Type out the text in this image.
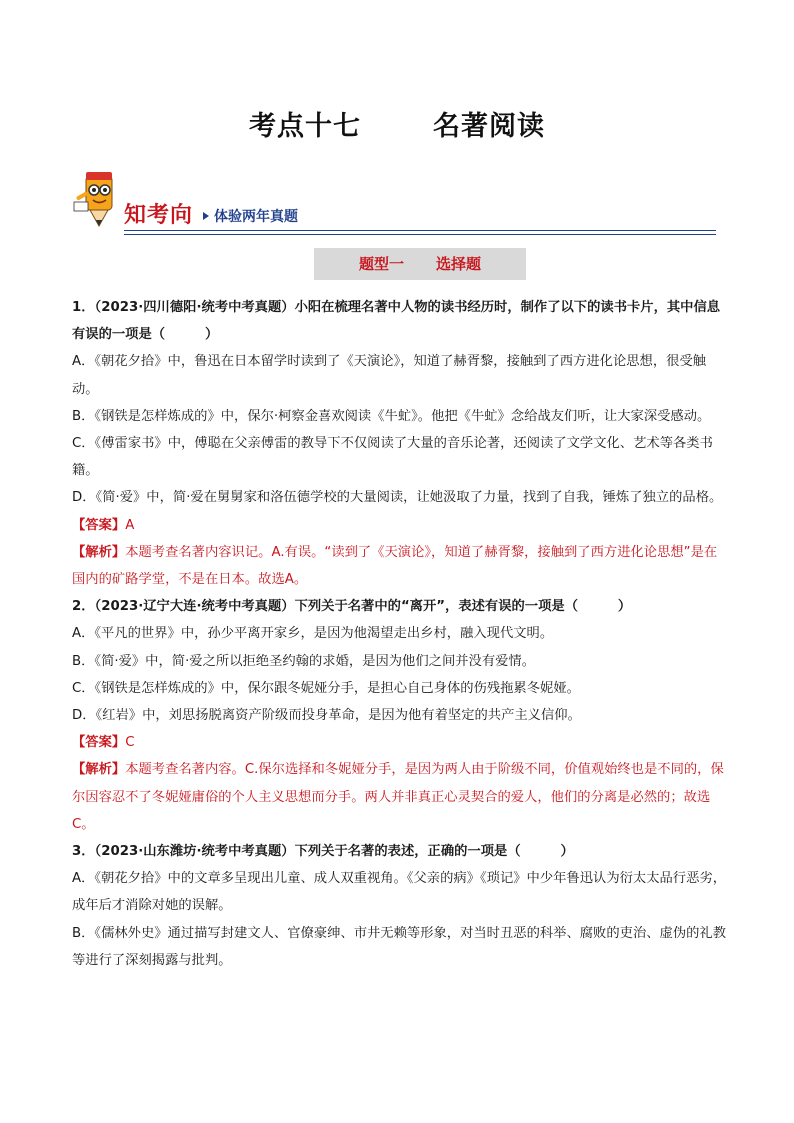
考点十七	名著阅读
知考向 体验两年真题
题型一 选择题

1．（2023·四川德阳·统考中考真题）小阳在梳理名著中人物的读书经历时，制作了以下的读书卡片，其中信息有误的一项是（　　　）

A．《朝花夕拾》中，鲁迅在日本留学时读到了《天演论》，知道了赫胥黎，接触到了西方进化论思想，很受触动。

B．《钢铁是怎样炼成的》中，保尔·柯察金喜欢阅读《牛虻》。他把《牛虻》念给战友们听，让大家深受感动。

C．《傅雷家书》中，傅聪在父亲傅雷的教导下不仅阅读了大量的音乐论著，还阅读了文学文化、艺术等各类书籍。

D．《简·爱》中，简·爱在舅舅家和洛伍德学校的大量阅读，让她汲取了力量，找到了自我，锤炼了独立的品格。

【答案】A

【解析】本题考查名著内容识记。A.有误。“读到了《天演论》，知道了赫胥黎，接触到了西方进化论思想”是在国内的矿路学堂，不是在日本。故选A。

2．（2023·辽宁大连·统考中考真题）下列关于名著中的“离开”，表述有误的一项是（　　　）

A．《平凡的世界》中，孙少平离开家乡，是因为他渴望走出乡村，融入现代文明。

B．《简·爱》中，简·爱之所以拒绝圣约翰的求婚，是因为他们之间并没有爱情。

C．《钢铁是怎样炼成的》中，保尔跟冬妮娅分手，是担心自己身体的伤残拖累冬妮娅。

D．《红岩》中，刘思扬脱离资产阶级而投身革命，是因为他有着坚定的共产主义信仰。

【答案】C

【解析】本题考查名著内容。C.保尔选择和冬妮娅分手，是因为两人由于阶级不同，价值观始终也是不同的，保尔因容忍不了冬妮娅庸俗的个人主义思想而分手。两人并非真正心灵契合的爱人，他们的分离是必然的；故选C。

3．（2023·山东潍坊·统考中考真题）下列关于名著的表述，正确的一项是（　　　）

A．《朝花夕拾》中的文章多呈现出儿童、成人双重视角。《父亲的病》《琐记》中少年鲁迅认为衍太太品行恶劣，成年后才消除对她的误解。

B．《儒林外史》通过描写封建文人、官僚豪绅、市井无赖等形象，对当时丑恶的科举、腐败的吏治、虚伪的礼教等进行了深刻揭露与批判。
